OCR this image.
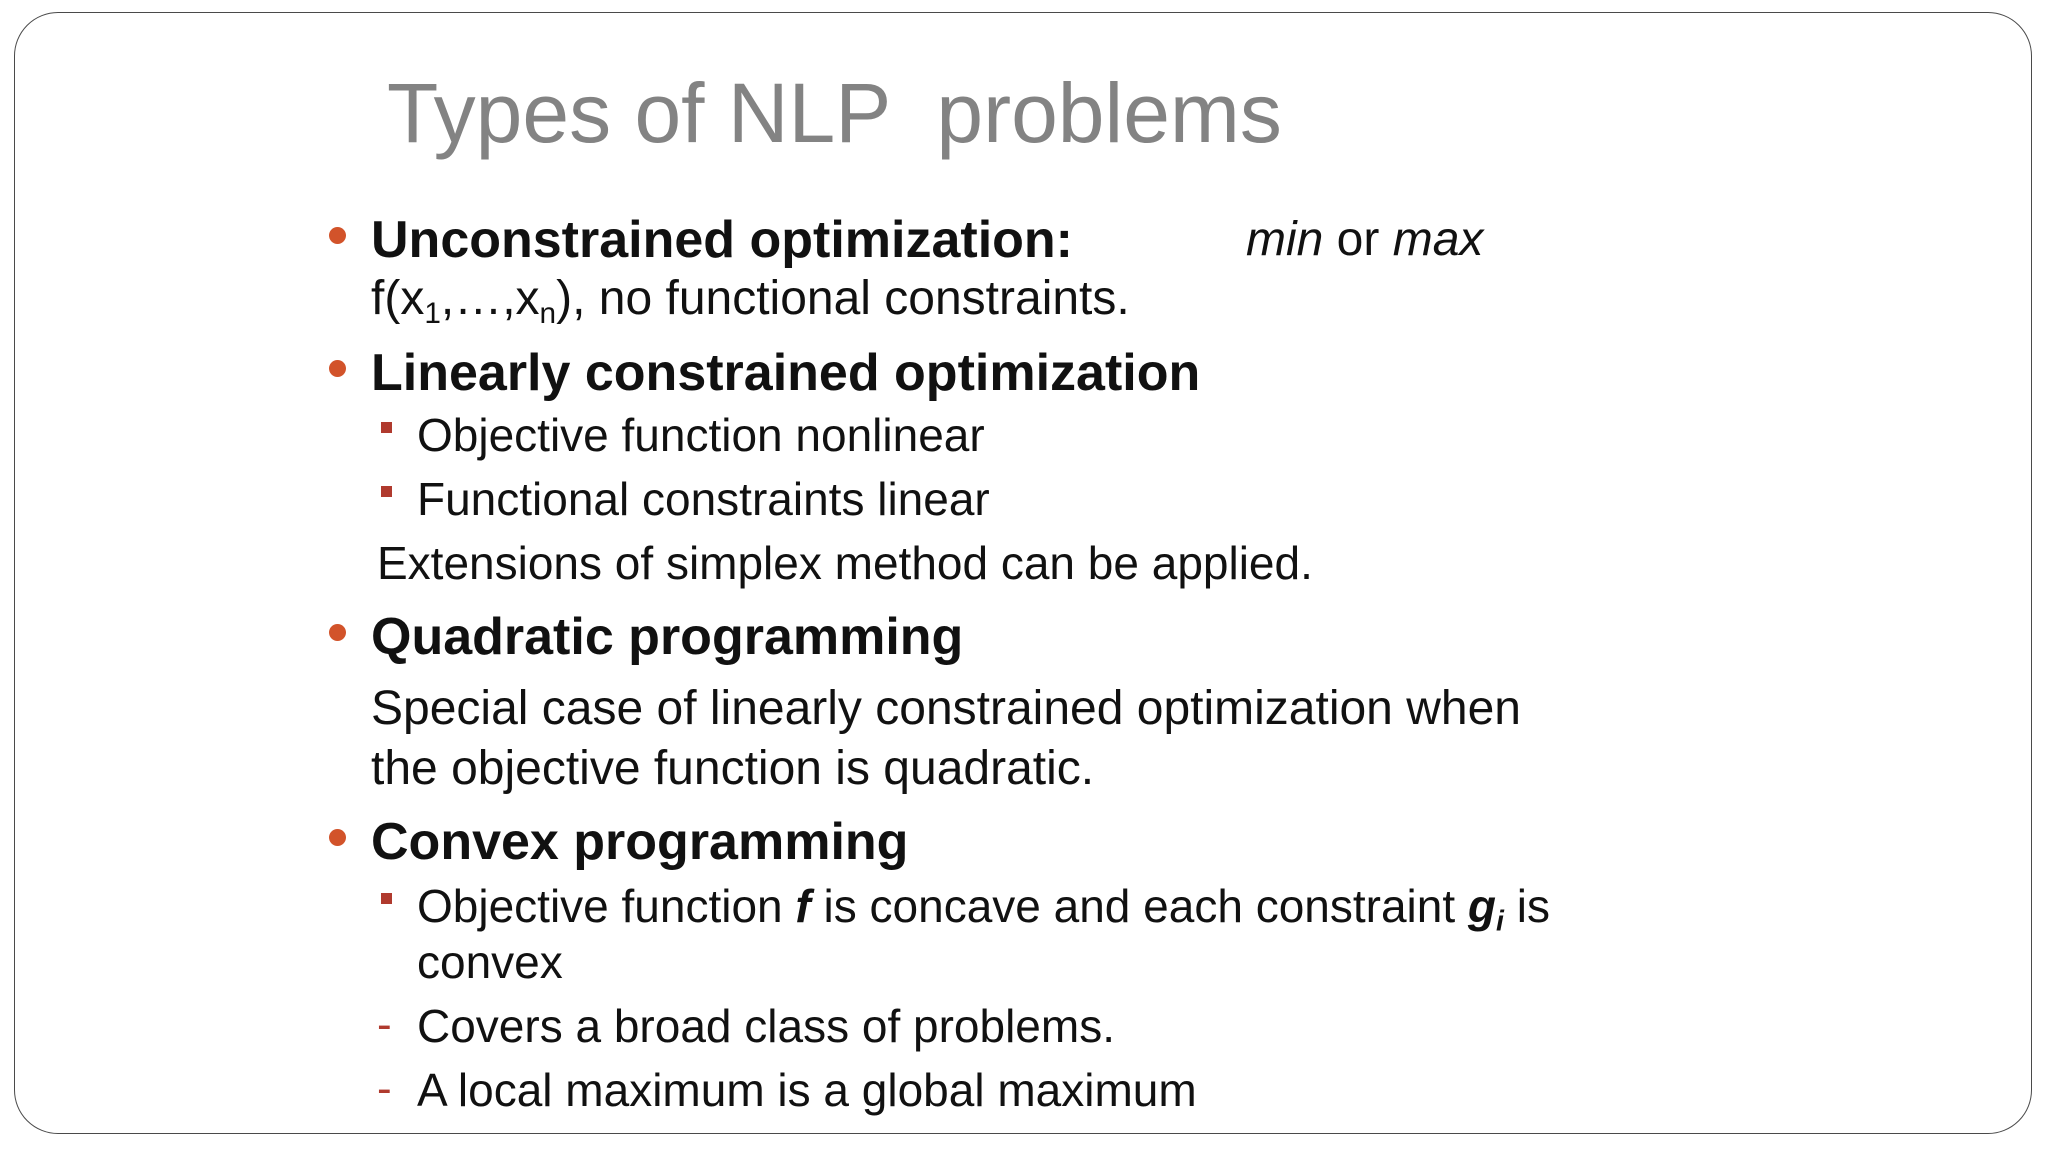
Types of NLP  problems
Unconstrained optimization:	min or max
$f(x_1,\dots,x_n)$, no functional constraints.
Linearly constrained optimization
Objective function nonlinear
Functional constraints linear
Extensions of simplex method can be applied.
Quadratic programming
Special case of linearly constrained optimization when
the objective function is quadratic.
Convex programming
Objective function f is concave and each constraint $g_i$ is
convex
- Covers a broad class of problems.
- A local maximum is a global maximum
